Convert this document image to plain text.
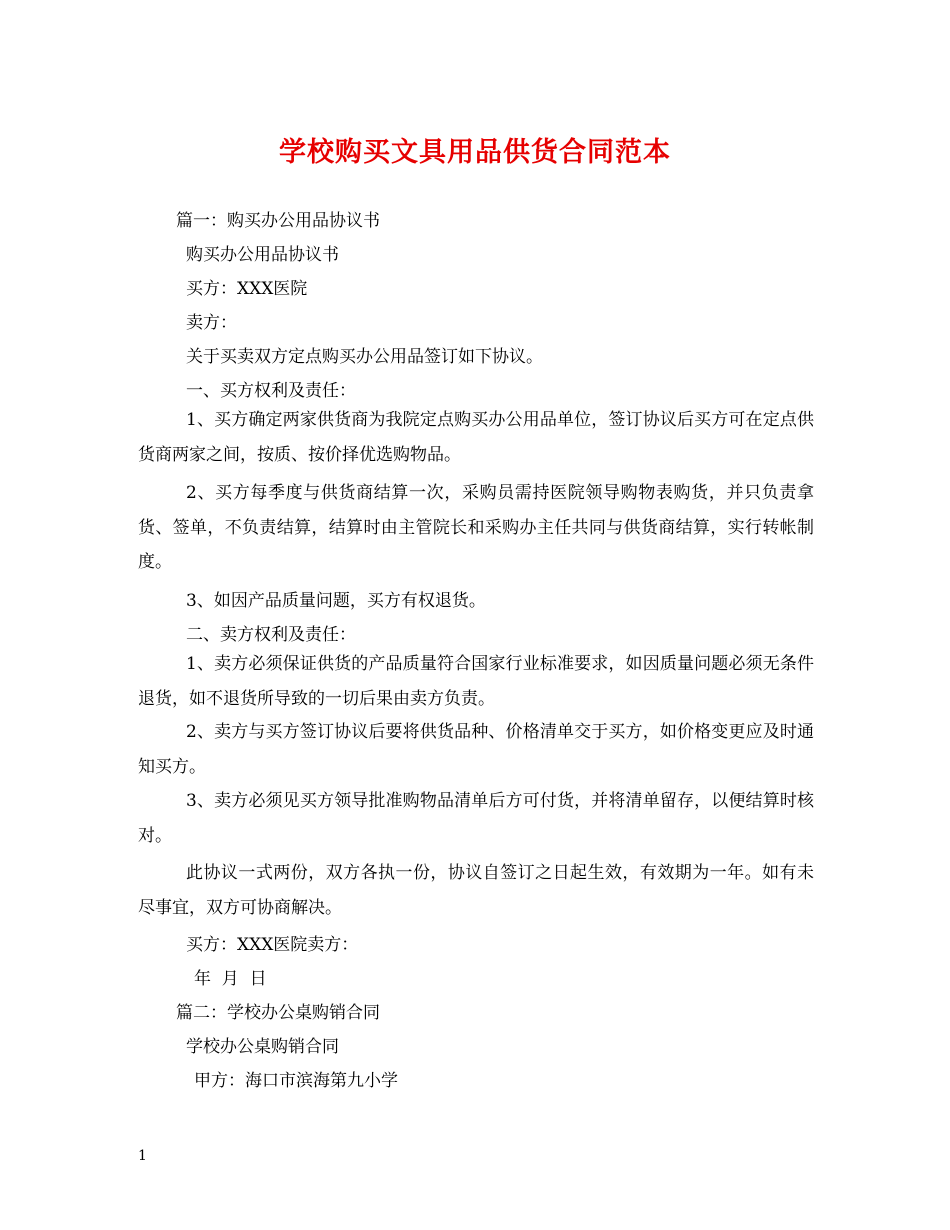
学校购买文具用品供货合同范本
篇一：购买办公用品协议书
购买办公用品协议书
买方：XXX医院
卖方：
关于买卖双方定点购买办公用品签订如下协议。
一、买方权利及责任：
1、买方确定两家供货商为我院定点购买办公用品单位，签订协议后买方可在定点供货商两家之间，按质、按价择优选购物品。
2、买方每季度与供货商结算一次，采购员需持医院领导购物表购货，并只负责拿货、签单，不负责结算，结算时由主管院长和采购办主任共同与供货商结算，实行转帐制度。
3、如因产品质量问题，买方有权退货。
二、卖方权利及责任：
1、卖方必须保证供货的产品质量符合国家行业标准要求，如因质量问题必须无条件退货，如不退货所导致的一切后果由卖方负责。
2、卖方与买方签订协议后要将供货品种、价格清单交于买方，如价格变更应及时通知买方。
3、卖方必须见买方领导批准购物品清单后方可付货，并将清单留存，以便结算时核对。
此协议一式两份，双方各执一份，协议自签订之日起生效，有效期为一年。如有未尽事宜，双方可协商解决。
买方：XXX医院卖方：
年  月  日
篇二：学校办公桌购销合同
学校办公桌购销合同
甲方：海口市滨海第九小学
1
